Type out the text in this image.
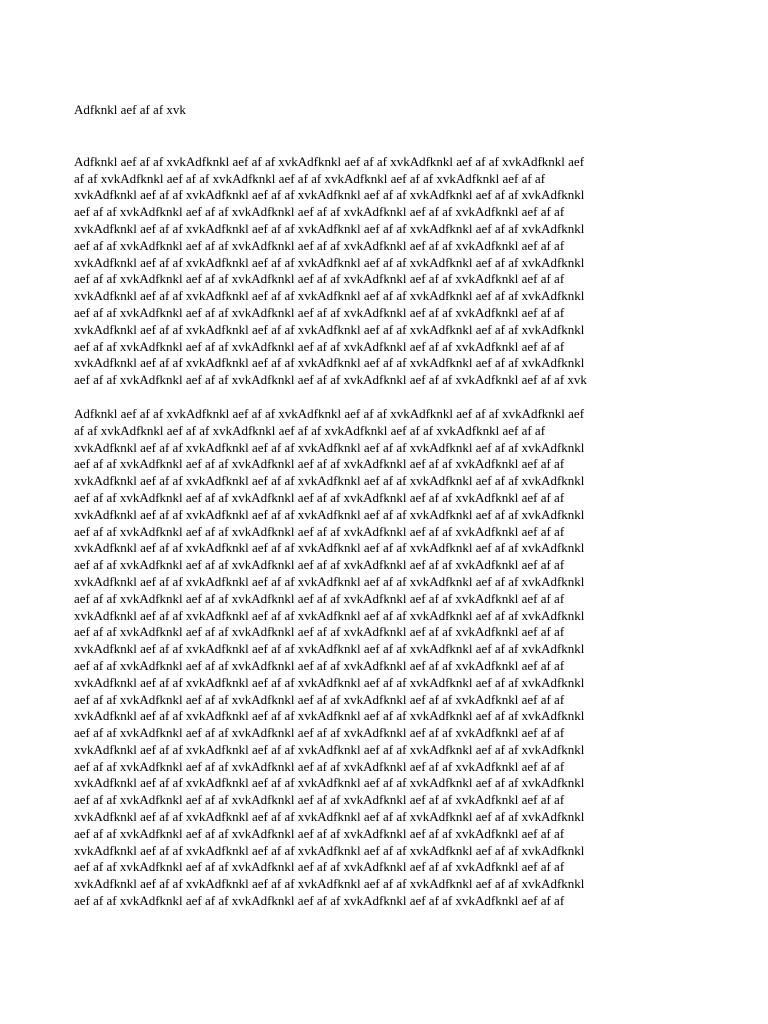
Adfknkl aef af af xvk
Adfknkl aef af af xvkAdfknkl aef af af xvkAdfknkl aef af af xvkAdfknkl aef af af xvkAdfknkl aef
af af xvkAdfknkl aef af af xvkAdfknkl aef af af xvkAdfknkl aef af af xvkAdfknkl aef af af
xvkAdfknkl aef af af xvkAdfknkl aef af af xvkAdfknkl aef af af xvkAdfknkl aef af af xvkAdfknkl
aef af af xvkAdfknkl aef af af xvkAdfknkl aef af af xvkAdfknkl aef af af xvkAdfknkl aef af af
xvkAdfknkl aef af af xvkAdfknkl aef af af xvkAdfknkl aef af af xvkAdfknkl aef af af xvkAdfknkl
aef af af xvkAdfknkl aef af af xvkAdfknkl aef af af xvkAdfknkl aef af af xvkAdfknkl aef af af
xvkAdfknkl aef af af xvkAdfknkl aef af af xvkAdfknkl aef af af xvkAdfknkl aef af af xvkAdfknkl
aef af af xvkAdfknkl aef af af xvkAdfknkl aef af af xvkAdfknkl aef af af xvkAdfknkl aef af af
xvkAdfknkl aef af af xvkAdfknkl aef af af xvkAdfknkl aef af af xvkAdfknkl aef af af xvkAdfknkl
aef af af xvkAdfknkl aef af af xvkAdfknkl aef af af xvkAdfknkl aef af af xvkAdfknkl aef af af
xvkAdfknkl aef af af xvkAdfknkl aef af af xvkAdfknkl aef af af xvkAdfknkl aef af af xvkAdfknkl
aef af af xvkAdfknkl aef af af xvkAdfknkl aef af af xvkAdfknkl aef af af xvkAdfknkl aef af af
xvkAdfknkl aef af af xvkAdfknkl aef af af xvkAdfknkl aef af af xvkAdfknkl aef af af xvkAdfknkl
aef af af xvkAdfknkl aef af af xvkAdfknkl aef af af xvkAdfknkl aef af af xvkAdfknkl aef af af xvk
Adfknkl aef af af xvkAdfknkl aef af af xvkAdfknkl aef af af xvkAdfknkl aef af af xvkAdfknkl aef
af af xvkAdfknkl aef af af xvkAdfknkl aef af af xvkAdfknkl aef af af xvkAdfknkl aef af af
xvkAdfknkl aef af af xvkAdfknkl aef af af xvkAdfknkl aef af af xvkAdfknkl aef af af xvkAdfknkl
aef af af xvkAdfknkl aef af af xvkAdfknkl aef af af xvkAdfknkl aef af af xvkAdfknkl aef af af
xvkAdfknkl aef af af xvkAdfknkl aef af af xvkAdfknkl aef af af xvkAdfknkl aef af af xvkAdfknkl
aef af af xvkAdfknkl aef af af xvkAdfknkl aef af af xvkAdfknkl aef af af xvkAdfknkl aef af af
xvkAdfknkl aef af af xvkAdfknkl aef af af xvkAdfknkl aef af af xvkAdfknkl aef af af xvkAdfknkl
aef af af xvkAdfknkl aef af af xvkAdfknkl aef af af xvkAdfknkl aef af af xvkAdfknkl aef af af
xvkAdfknkl aef af af xvkAdfknkl aef af af xvkAdfknkl aef af af xvkAdfknkl aef af af xvkAdfknkl
aef af af xvkAdfknkl aef af af xvkAdfknkl aef af af xvkAdfknkl aef af af xvkAdfknkl aef af af
xvkAdfknkl aef af af xvkAdfknkl aef af af xvkAdfknkl aef af af xvkAdfknkl aef af af xvkAdfknkl
aef af af xvkAdfknkl aef af af xvkAdfknkl aef af af xvkAdfknkl aef af af xvkAdfknkl aef af af
xvkAdfknkl aef af af xvkAdfknkl aef af af xvkAdfknkl aef af af xvkAdfknkl aef af af xvkAdfknkl
aef af af xvkAdfknkl aef af af xvkAdfknkl aef af af xvkAdfknkl aef af af xvkAdfknkl aef af af
xvkAdfknkl aef af af xvkAdfknkl aef af af xvkAdfknkl aef af af xvkAdfknkl aef af af xvkAdfknkl
aef af af xvkAdfknkl aef af af xvkAdfknkl aef af af xvkAdfknkl aef af af xvkAdfknkl aef af af
xvkAdfknkl aef af af xvkAdfknkl aef af af xvkAdfknkl aef af af xvkAdfknkl aef af af xvkAdfknkl
aef af af xvkAdfknkl aef af af xvkAdfknkl aef af af xvkAdfknkl aef af af xvkAdfknkl aef af af
xvkAdfknkl aef af af xvkAdfknkl aef af af xvkAdfknkl aef af af xvkAdfknkl aef af af xvkAdfknkl
aef af af xvkAdfknkl aef af af xvkAdfknkl aef af af xvkAdfknkl aef af af xvkAdfknkl aef af af
xvkAdfknkl aef af af xvkAdfknkl aef af af xvkAdfknkl aef af af xvkAdfknkl aef af af xvkAdfknkl
aef af af xvkAdfknkl aef af af xvkAdfknkl aef af af xvkAdfknkl aef af af xvkAdfknkl aef af af
xvkAdfknkl aef af af xvkAdfknkl aef af af xvkAdfknkl aef af af xvkAdfknkl aef af af xvkAdfknkl
aef af af xvkAdfknkl aef af af xvkAdfknkl aef af af xvkAdfknkl aef af af xvkAdfknkl aef af af
xvkAdfknkl aef af af xvkAdfknkl aef af af xvkAdfknkl aef af af xvkAdfknkl aef af af xvkAdfknkl
aef af af xvkAdfknkl aef af af xvkAdfknkl aef af af xvkAdfknkl aef af af xvkAdfknkl aef af af
xvkAdfknkl aef af af xvkAdfknkl aef af af xvkAdfknkl aef af af xvkAdfknkl aef af af xvkAdfknkl
aef af af xvkAdfknkl aef af af xvkAdfknkl aef af af xvkAdfknkl aef af af xvkAdfknkl aef af af
xvkAdfknkl aef af af xvkAdfknkl aef af af xvkAdfknkl aef af af xvkAdfknkl aef af af xvkAdfknkl
aef af af xvkAdfknkl aef af af xvkAdfknkl aef af af xvkAdfknkl aef af af xvkAdfknkl aef af af
